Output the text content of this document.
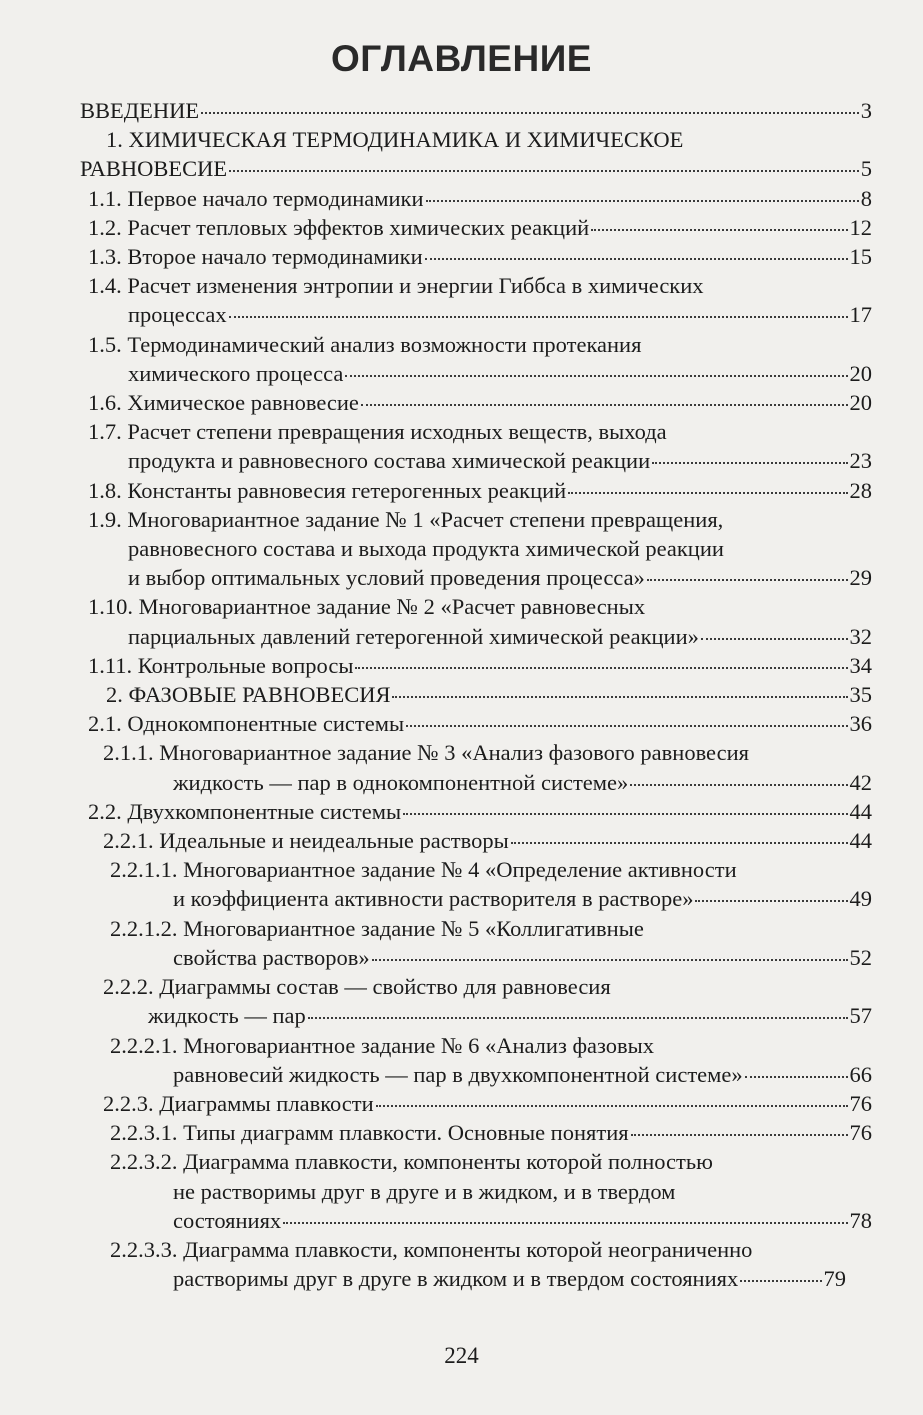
ОГЛАВЛЕНИЕ
ВВЕДЕНИЕ	3
1. ХИМИЧЕСКАЯ ТЕРМОДИНАМИКА И ХИМИЧЕСКОЕ
РАВНОВЕСИЕ	5
1.1. Первое начало термодинамики	8
1.2. Расчет тепловых эффектов химических реакций	12
1.3. Второе начало термодинамики	15
1.4. Расчет изменения энтропии и энергии Гиббса в химических
процессах	17
1.5. Термодинамический анализ возможности протекания
химического процесса	20
1.6. Химическое равновесие	20
1.7. Расчет степени превращения исходных веществ, выхода
продукта и равновесного состава химической реакции	23
1.8. Константы равновесия гетерогенных реакций	28
1.9. Многовариантное задание № 1 «Расчет степени превращения,
равновесного состава и выхода продукта химической реакции
и выбор оптимальных условий проведения процесса»	29
1.10. Многовариантное задание № 2 «Расчет равновесных
парциальных давлений гетерогенной химической реакции»	32
1.11. Контрольные вопросы	34
2. ФАЗОВЫЕ РАВНОВЕСИЯ	35
2.1. Однокомпонентные системы	36
2.1.1. Многовариантное задание № 3 «Анализ фазового равновесия
жидкость — пар в однокомпонентной системе»	42
2.2. Двухкомпонентные системы	44
2.2.1. Идеальные и неидеальные растворы	44
2.2.1.1. Многовариантное задание № 4 «Определение активности
и коэффициента активности растворителя в растворе»	49
2.2.1.2. Многовариантное задание № 5 «Коллигативные
свойства растворов»	52
2.2.2. Диаграммы состав — свойство для равновесия
жидкость — пар	57
2.2.2.1. Многовариантное задание № 6 «Анализ фазовых
равновесий жидкость — пар в двухкомпонентной системе»	66
2.2.3. Диаграммы плавкости	76
2.2.3.1. Типы диаграмм плавкости. Основные понятия	76
2.2.3.2. Диаграмма плавкости, компоненты которой полностью
не растворимы друг в друге и в жидком, и в твердом
состояниях	78
2.2.3.3. Диаграмма плавкости, компоненты которой неограниченно
растворимы друг в друге в жидком и в твердом состояниях	79
224
